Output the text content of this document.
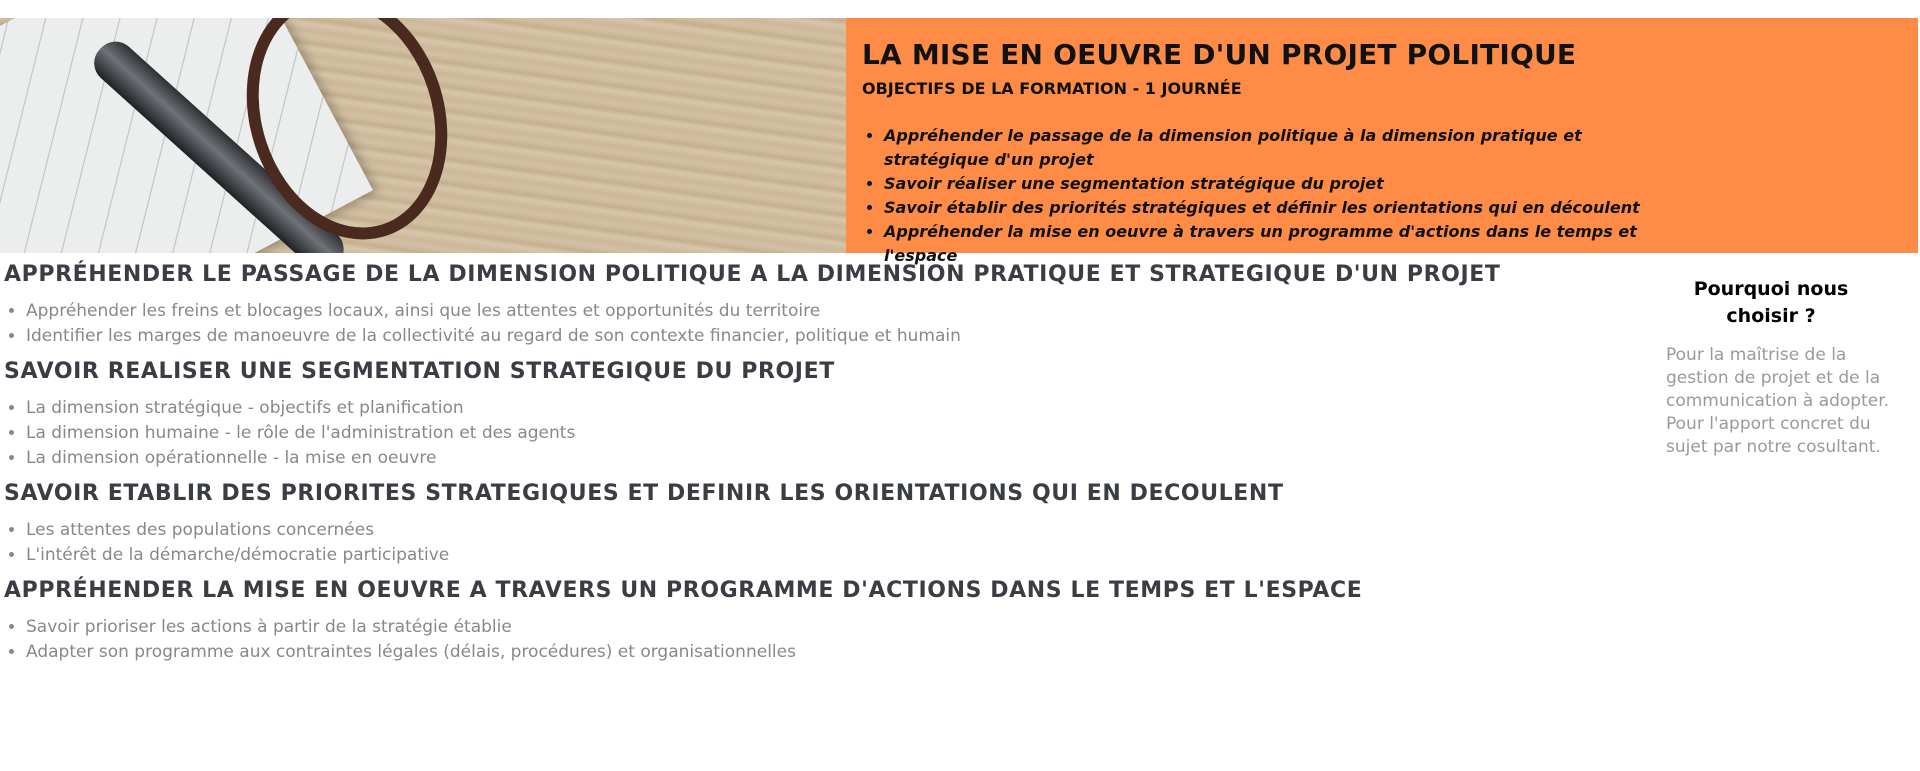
LA MISE EN OEUVRE D'UN PROJET POLITIQUE
OBJECTIFS DE LA FORMATION - 1 JOURNÉE
• Appréhender le passage de la dimension politique à la dimension pratique et stratégique d'un projet
• Savoir réaliser une segmentation stratégique du projet
• Savoir établir des priorités stratégiques et définir les orientations qui en découlent
• Appréhender la mise en oeuvre à travers un programme d'actions dans le temps et l'espace
APPRÉHENDER LE PASSAGE DE LA DIMENSION POLITIQUE A LA DIMENSION PRATIQUE ET STRATEGIQUE D'UN PROJET
• Appréhender les freins et blocages locaux, ainsi que les attentes et opportunités du territoire
• Identifier les marges de manoeuvre de la collectivité au regard de son contexte financier, politique et humain
SAVOIR REALISER UNE SEGMENTATION STRATEGIQUE DU PROJET
• La dimension stratégique - objectifs et planification
• La dimension humaine - le rôle de l'administration et des agents
• La dimension opérationnelle - la mise en oeuvre
SAVOIR ETABLIR DES PRIORITES STRATEGIQUES ET DEFINIR LES ORIENTATIONS QUI EN DECOULENT
• Les attentes des populations concernées
• L'intérêt de la démarche/démocratie participative
APPRÉHENDER LA MISE EN OEUVRE A TRAVERS UN PROGRAMME D'ACTIONS DANS LE TEMPS ET L'ESPACE
• Savoir prioriser les actions à partir de la stratégie établie
• Adapter son programme aux contraintes légales (délais, procédures) et organisationnelles
Pourquoi nous choisir ?

Pour la maîtrise de la gestion de projet et de la communication à adopter.
Pour l'apport concret du sujet par notre cosultant.
